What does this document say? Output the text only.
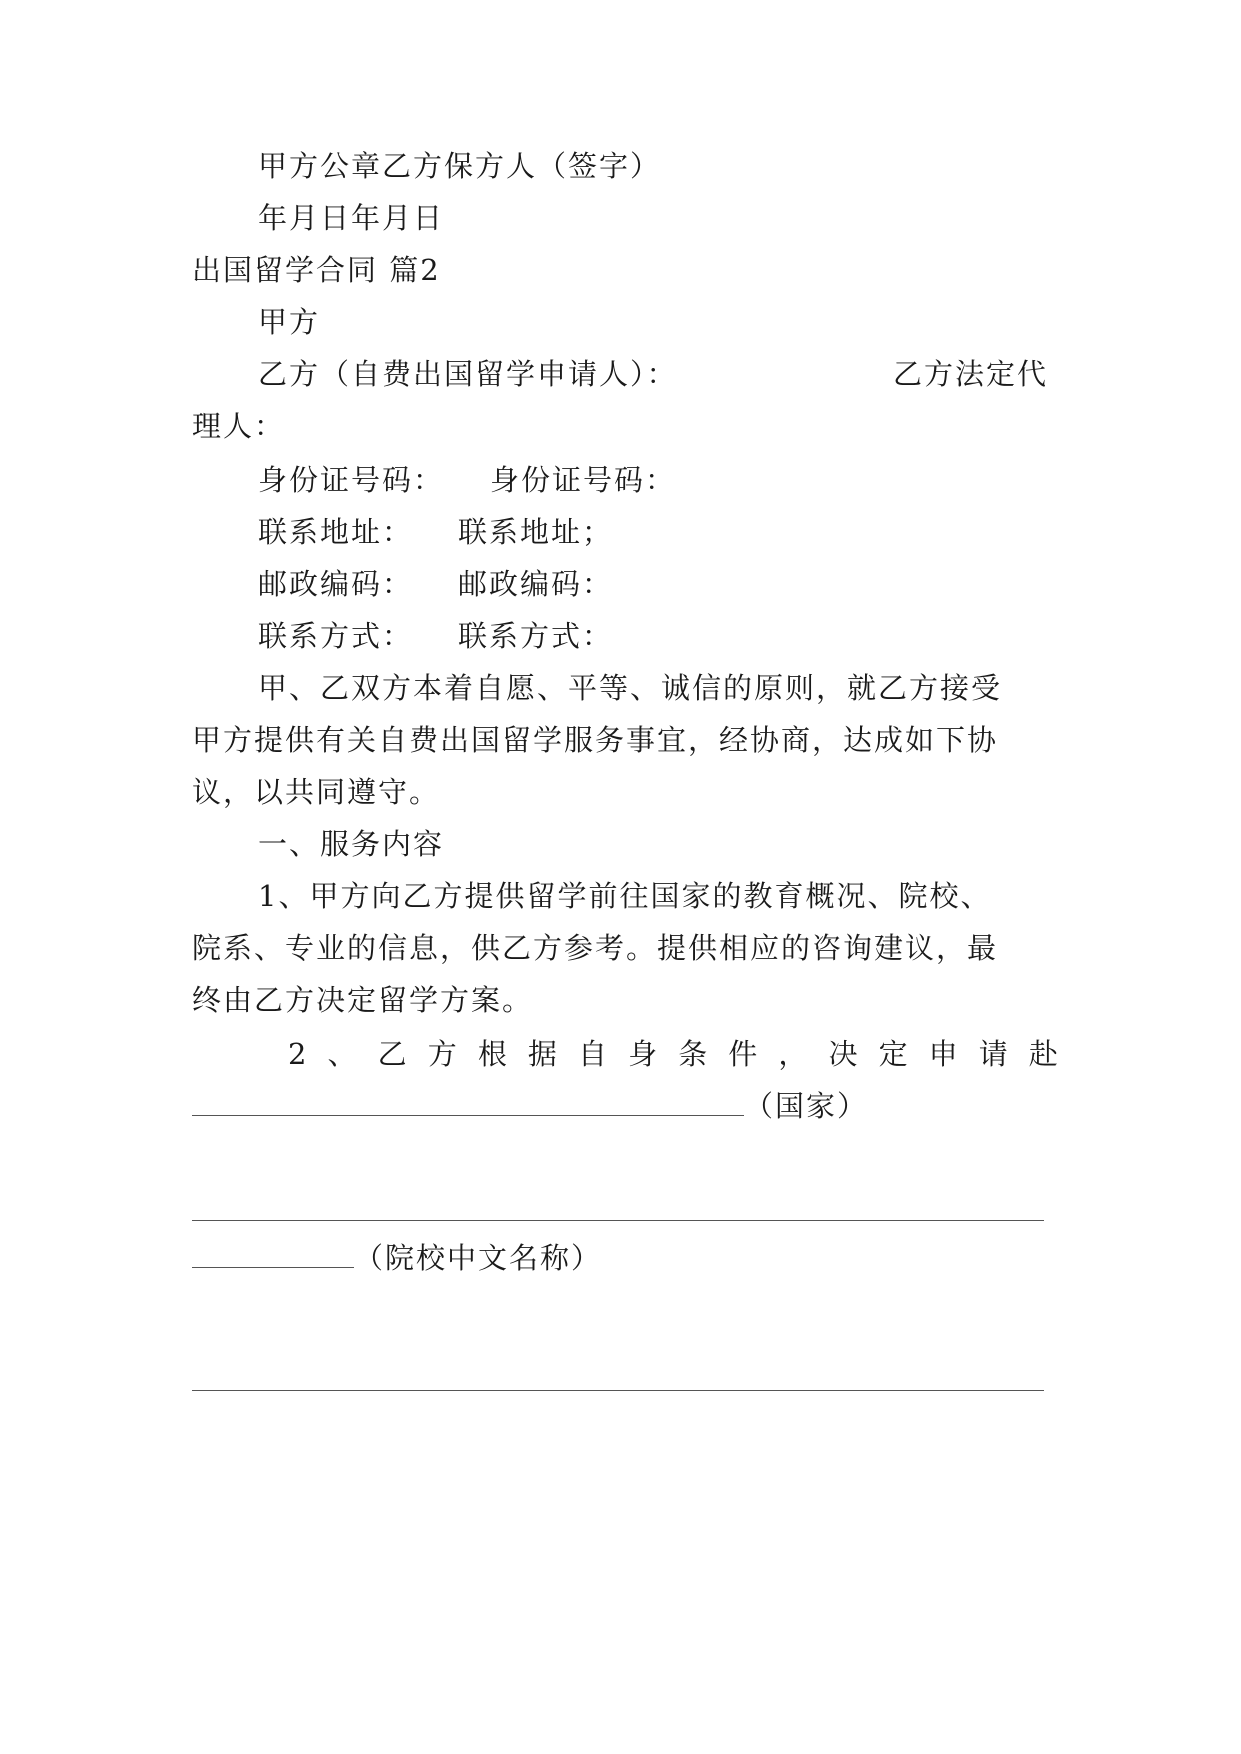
甲方公章乙方保方人（签字）
年月日年月日
出国留学合同 篇2
甲方
乙方（自费出国留学申请人）：	乙方法定代
理人：
身份证号码： 身份证号码：
联系地址： 联系地址；
邮政编码： 邮政编码：
联系方式： 联系方式：
甲、乙双方本着自愿、平等、诚信的原则，就乙方接受
甲方提供有关自费出国留学服务事宜，经协商，达成如下协
议，以共同遵守。
一、服务内容
1、甲方向乙方提供留学前往国家的教育概况、院校、
院系、专业的信息，供乙方参考。提供相应的咨询建议，最
终由乙方决定留学方案。
2 、 乙 方 根 据 自 身 条 件 ， 决 定 申 请 赴
（国家）
（院校中文名称）
